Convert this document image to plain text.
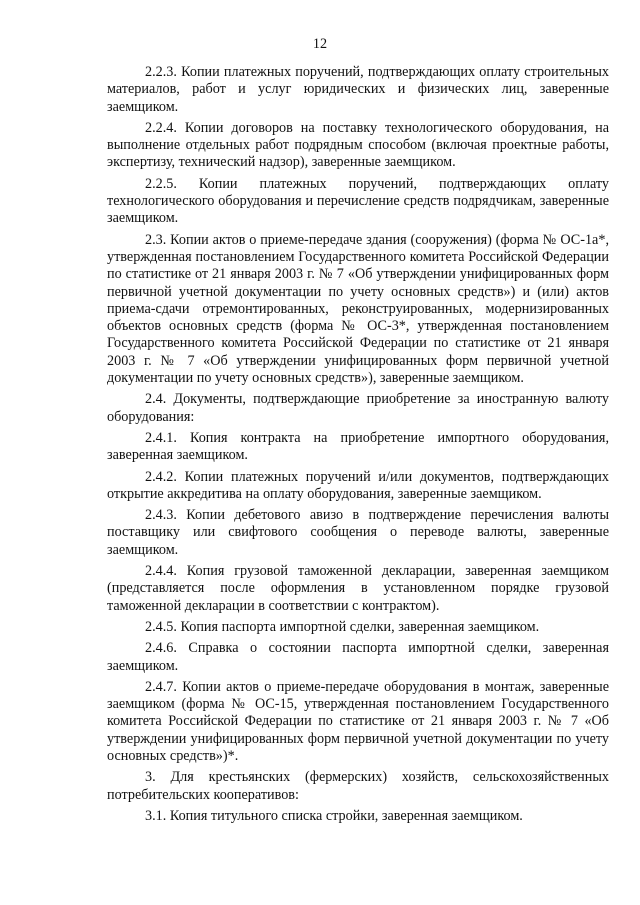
12

2.2.3. Копии платежных поручений, подтверждающих оплату строительных материалов, работ и услуг юридических и физических лиц, заверенные заемщиком.

2.2.4. Копии договоров на поставку технологического оборудования, на выполнение отдельных работ подрядным способом (включая проектные работы, экспертизу, технический надзор), заверенные заемщиком.

2.2.5. Копии платежных поручений, подтверждающих оплату технологического оборудования и перечисление средств подрядчикам, заверенные заемщиком.

2.3. Копии актов о приеме-передаче здания (сооружения) (форма № ОС-1а*, утвержденная постановлением Государственного комитета Российской Федерации по статистике от 21 января 2003 г. № 7 «Об утверждении унифицированных форм первичной учетной документации по учету основных средств») и (или) актов приема-сдачи отремонтированных, реконструированных, модернизированных объектов основных средств (форма № ОС-3*, утвержденная постановлением Государственного комитета Российской Федерации по статистике от 21 января 2003 г. № 7 «Об утверждении унифицированных форм первичной учетной документации по учету основных средств»), заверенные заемщиком.

2.4. Документы, подтверждающие приобретение за иностранную валюту оборудования:

2.4.1. Копия контракта на приобретение импортного оборудования, заверенная заемщиком.

2.4.2. Копии платежных поручений и/или документов, подтверждающих открытие аккредитива на оплату оборудования, заверенные заемщиком.

2.4.3. Копии дебетового авизо в подтверждение перечисления валюты поставщику или свифтового сообщения о переводе валюты, заверенные заемщиком.

2.4.4. Копия грузовой таможенной декларации, заверенная заемщиком (представляется после оформления в установленном порядке грузовой таможенной декларации в соответствии с контрактом).

2.4.5. Копия паспорта импортной сделки, заверенная заемщиком.

2.4.6. Справка о состоянии паспорта импортной сделки, заверенная заемщиком.

2.4.7. Копии актов о приеме-передаче оборудования в монтаж, заверенные заемщиком (форма № ОС-15, утвержденная постановлением Государственного комитета Российской Федерации по статистике от 21 января 2003 г. № 7 «Об утверждении унифицированных форм первичной учетной документации по учету основных средств»)*.

3. Для крестьянских (фермерских) хозяйств, сельскохозяйственных потребительских кооперативов:

3.1. Копия титульного списка стройки, заверенная заемщиком.
